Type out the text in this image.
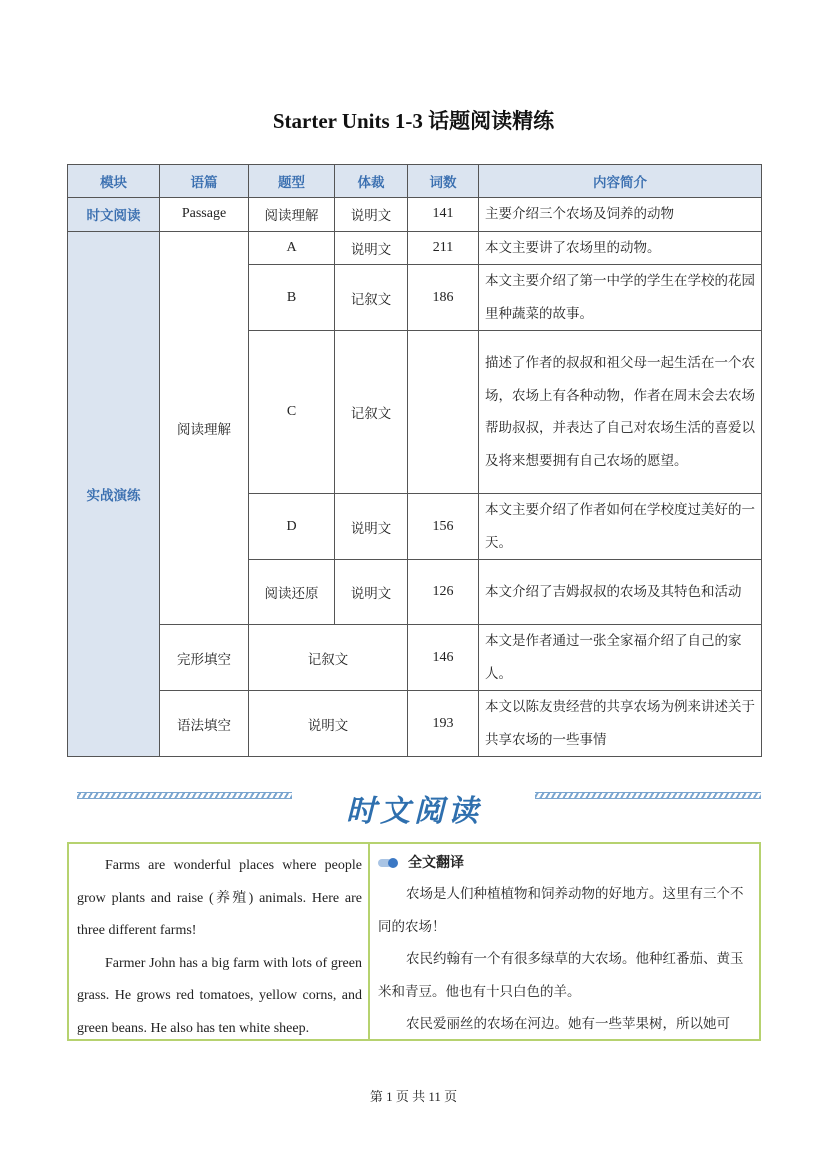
Starter Units 1-3 话题阅读精练
模块	语篇	题型	体裁	词数	内容简介
时文阅读	Passage	阅读理解	说明文	141	主要介绍三个农场及饲养的动物
实战演练	阅读理解	A	说明文	211	本文主要讲了农场里的动物。
		B	记叙文	186	本文主要介绍了第一中学的学生在学校的花园里种蔬菜的故事。
		C	记叙文		描述了作者的叔叔和祖父母一起生活在一个农场，农场上有各种动物，作者在周末会去农场帮助叔叔，并表达了自己对农场生活的喜爱以及将来想要拥有自己农场的愿望。
		D	说明文	156	本文主要介绍了作者如何在学校度过美好的一天。
		阅读还原	说明文	126	本文介绍了吉姆叔叔的农场及其特色和活动
	完形填空	记叙文		146	本文是作者通过一张全家福介绍了自己的家人。
	语法填空	说明文		193	本文以陈友贵经营的共享农场为例来讲述关于共享农场的一些事情
时文阅读

Farms are wonderful places where people grow plants and raise (养殖) animals. Here are three different farms!

Farmer John has a big farm with lots of green grass. He grows red tomatoes, yellow corns, and green beans. He also has ten white sheep.

全文翻译

农场是人们种植植物和饲养动物的好地方。这里有三个不同的农场！

农民约翰有一个有很多绿草的大农场。他种红番茄、黄玉米和青豆。他也有十只白色的羊。

农民爱丽丝的农场在河边。她有一些苹果树，所以她可

第 1 页 共 11 页
